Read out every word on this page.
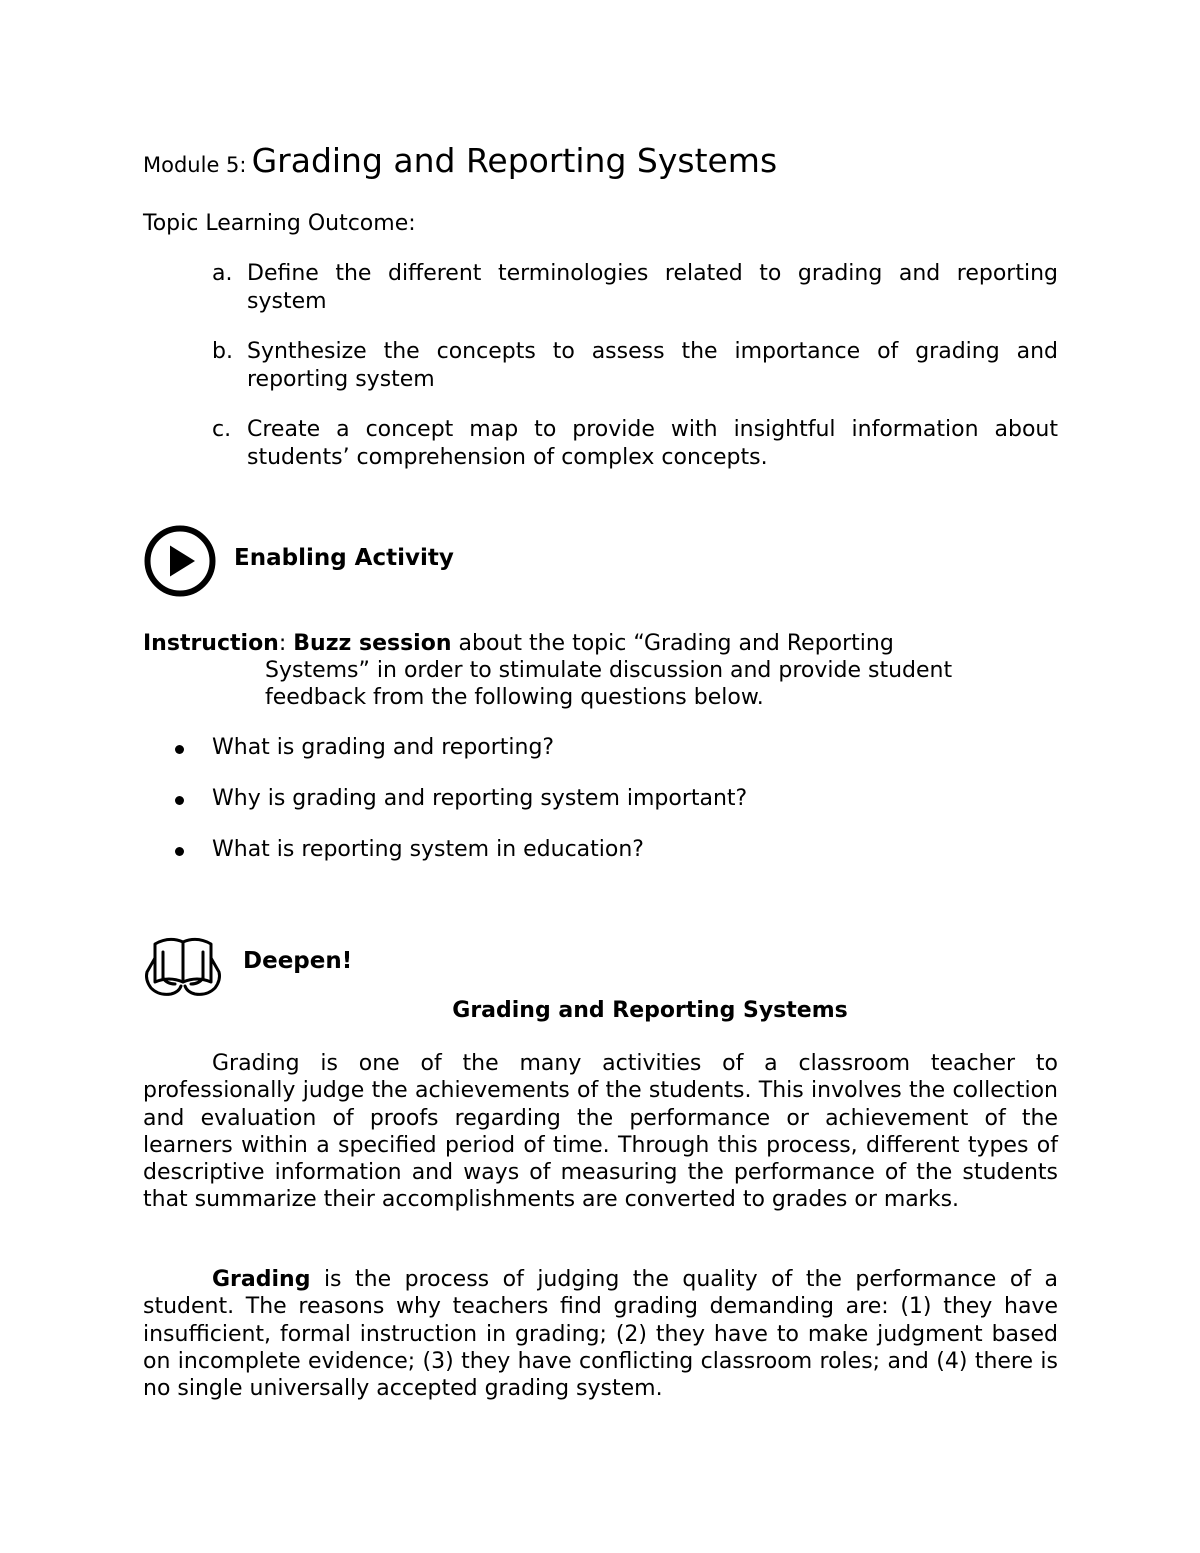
Module 5: Grading and Reporting Systems
Topic Learning Outcome:
a. Define the different terminologies related to grading and reporting system
b. Synthesize the concepts to assess the importance of grading and reporting system
c. Create a concept map to provide with insightful information about students’ comprehension of complex concepts.
Enabling Activity
Instruction: Buzz session about the topic “Grading and Reporting
Systems” in order to stimulate discussion and provide student
feedback from the following questions below.
What is grading and reporting?
Why is grading and reporting system important?
What is reporting system in education?
Deepen!
Grading and Reporting Systems

Grading is one of the many activities of a classroom teacher to professionally judge the achievements of the students. This involves the collection and evaluation of proofs regarding the performance or achievement of the learners within a specified period of time. Through this process, different types of descriptive information and ways of measuring the performance of the students that summarize their accomplishments are converted to grades or marks.

Grading is the process of judging the quality of the performance of a student. The reasons why teachers find grading demanding are: (1) they have insufficient, formal instruction in grading; (2) they have to make judgment based on incomplete evidence; (3) they have conflicting classroom roles; and (4) there is no single universally accepted grading system.
